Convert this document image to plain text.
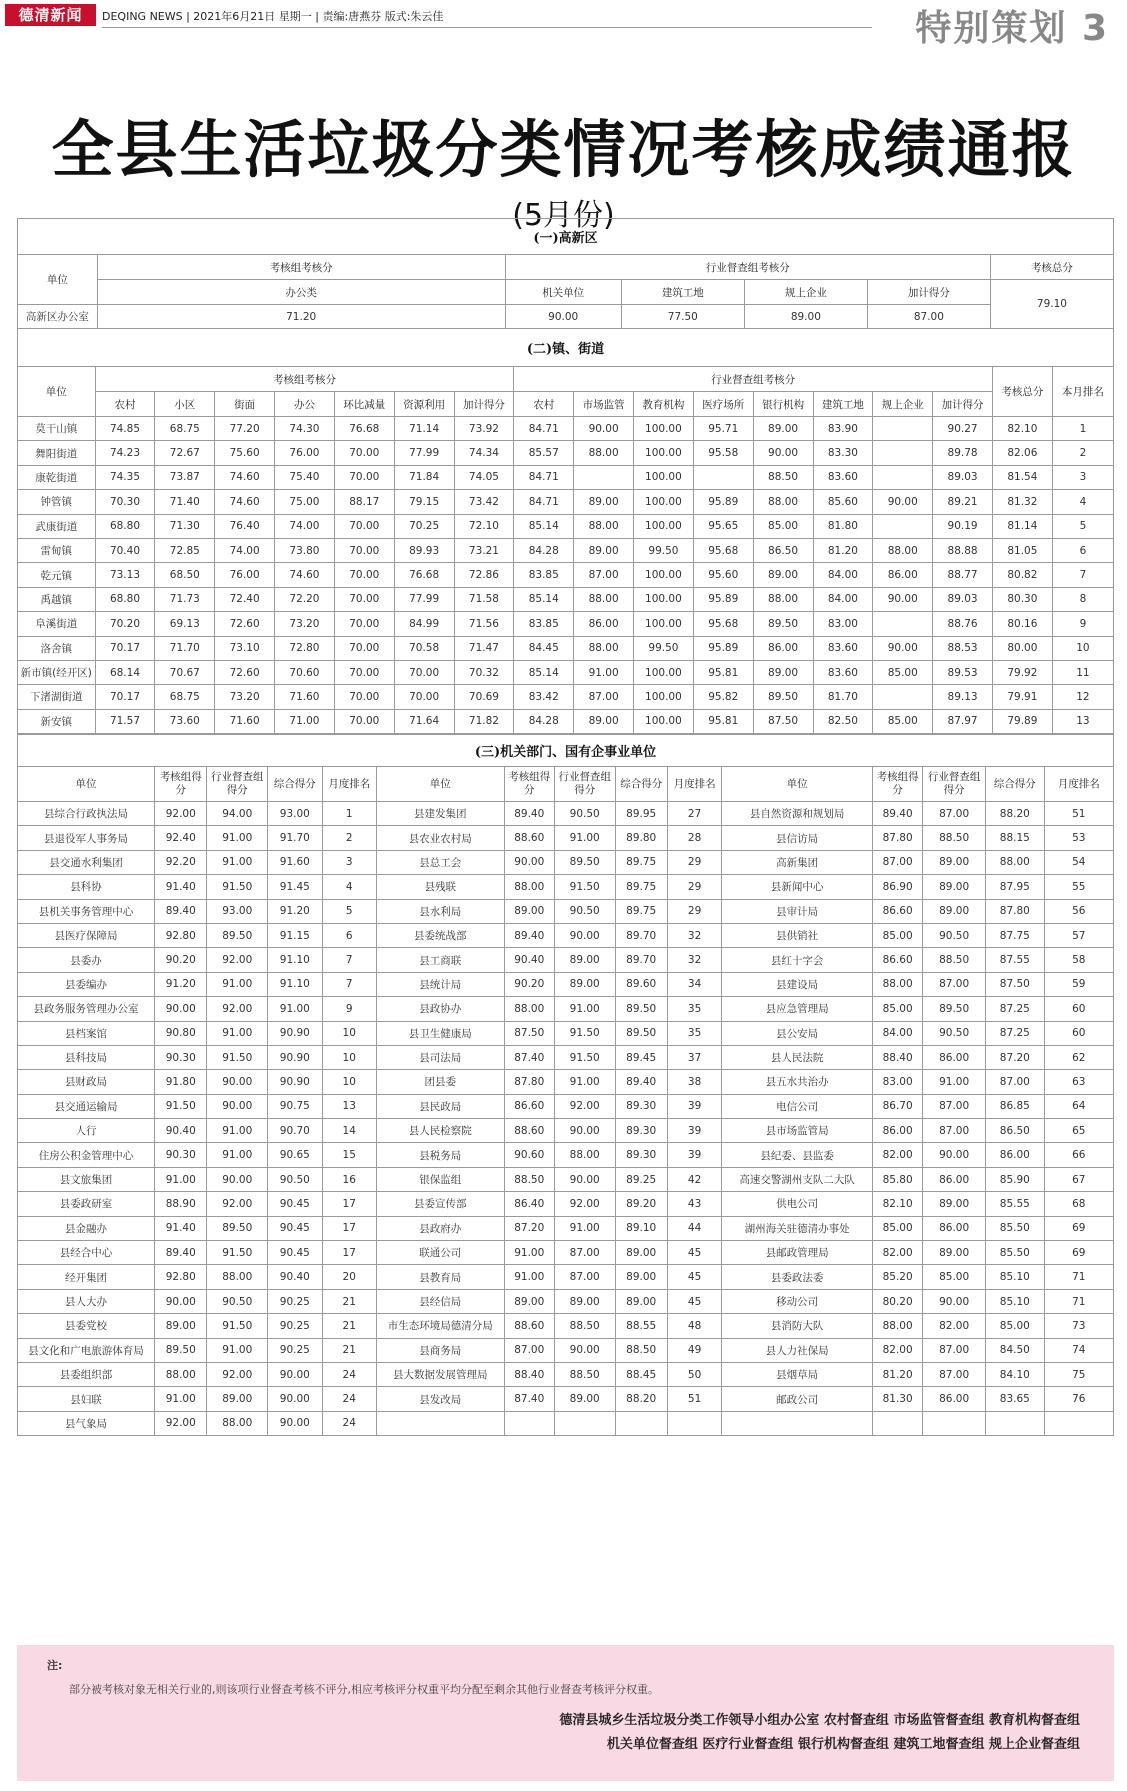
德清新闻	DEQING NEWS | 2021年6月21日 星期一 | 责编:唐燕芬 版式:朱云佳	特别策划 3
全县生活垃圾分类情况考核成绩通报
(5月份)
(一)高新区						
单位	考核组考核分	行业督查组考核分				考核总分
	办公类	机关单位	建筑工地	规上企业	加计得分	79.10
高新区办公室	71.20	90.00	77.50	89.00	87.00	
(二)镇、街道																	
单位	考核组考核分							行业督查组考核分								考核总分	本月排名
	农村	小区	街面	办公	环比减量	资源利用	加计得分	农村	市场监管	教育机构	医疗场所	银行机构	建筑工地	规上企业	加计得分		
莫干山镇	74.85	68.75	77.20	74.30	76.68	71.14	73.92	84.71	90.00	100.00	95.71	89.00	83.90		90.27	82.10	1
舞阳街道	74.23	72.67	75.60	76.00	70.00	77.99	74.34	85.57	88.00	100.00	95.58	90.00	83.30		89.78	82.06	2
康乾街道	74.35	73.87	74.60	75.40	70.00	71.84	74.05	84.71		100.00		88.50	83.60		89.03	81.54	3
钟管镇	70.30	71.40	74.60	75.00	88.17	79.15	73.42	84.71	89.00	100.00	95.89	88.00	85.60	90.00	89.21	81.32	4
武康街道	68.80	71.30	76.40	74.00	70.00	70.25	72.10	85.14	88.00	100.00	95.65	85.00	81.80		90.19	81.14	5
雷甸镇	70.40	72.85	74.00	73.80	70.00	89.93	73.21	84.28	89.00	99.50	95.68	86.50	81.20	88.00	88.88	81.05	6
乾元镇	73.13	68.50	76.00	74.60	70.00	76.68	72.86	83.85	87.00	100.00	95.60	89.00	84.00	86.00	88.77	80.82	7
禹越镇	68.80	71.73	72.40	72.20	70.00	77.99	71.58	85.14	88.00	100.00	95.89	88.00	84.00	90.00	89.03	80.30	8
阜溪街道	70.20	69.13	72.60	73.20	70.00	84.99	71.56	83.85	86.00	100.00	95.68	89.50	83.00		88.76	80.16	9
洛舍镇	70.17	71.70	73.10	72.80	70.00	70.58	71.47	84.45	88.00	99.50	95.89	86.00	83.60	90.00	88.53	80.00	10
新市镇(经开区)	68.14	70.67	72.60	70.60	70.00	70.00	70.32	85.14	91.00	100.00	95.81	89.00	83.60	85.00	89.53	79.92	11
下渚湖街道	70.17	68.75	73.20	71.60	70.00	70.00	70.69	83.42	87.00	100.00	95.82	89.50	81.70		89.13	79.91	12
新安镇	71.57	73.60	71.60	71.00	70.00	71.64	71.82	84.28	89.00	100.00	95.81	87.50	82.50	85.00	87.97	79.89	13
(三)机关部门、国有企事业单位														
单位	考核组得分	行业督查组得分	综合得分	月度排名	单位	考核组得分	行业督查组得分	综合得分	月度排名	单位	考核组得分	行业督查组得分	综合得分	月度排名
县综合行政执法局	92.00	94.00	93.00	1	县建发集团	89.40	90.50	89.95	27	县自然资源和规划局	89.40	87.00	88.20	51
县退役军人事务局	92.40	91.00	91.70	2	县农业农村局	88.60	91.00	89.80	28	县信访局	87.80	88.50	88.15	53
县交通水利集团	92.20	91.00	91.60	3	县总工会	90.00	89.50	89.75	29	高新集团	87.00	89.00	88.00	54
县科协	91.40	91.50	91.45	4	县残联	88.00	91.50	89.75	29	县新闻中心	86.90	89.00	87.95	55
县机关事务管理中心	89.40	93.00	91.20	5	县水利局	89.00	90.50	89.75	29	县审计局	86.60	89.00	87.80	56
县医疗保障局	92.80	89.50	91.15	6	县委统战部	89.40	90.00	89.70	32	县供销社	85.00	90.50	87.75	57
县委办	90.20	92.00	91.10	7	县工商联	90.40	89.00	89.70	32	县红十字会	86.60	88.50	87.55	58
县委编办	91.20	91.00	91.10	7	县统计局	90.20	89.00	89.60	34	县建设局	88.00	87.00	87.50	59
县政务服务管理办公室	90.00	92.00	91.00	9	县政协办	88.00	91.00	89.50	35	县应急管理局	85.00	89.50	87.25	60
县档案馆	90.80	91.00	90.90	10	县卫生健康局	87.50	91.50	89.50	35	县公安局	84.00	90.50	87.25	60
县科技局	90.30	91.50	90.90	10	县司法局	87.40	91.50	89.45	37	县人民法院	88.40	86.00	87.20	62
县财政局	91.80	90.00	90.90	10	团县委	87.80	91.00	89.40	38	县五水共治办	83.00	91.00	87.00	63
县交通运输局	91.50	90.00	90.75	13	县民政局	86.60	92.00	89.30	39	电信公司	86.70	87.00	86.85	64
人行	90.40	91.00	90.70	14	县人民检察院	88.60	90.00	89.30	39	县市场监管局	86.00	87.00	86.50	65
住房公积金管理中心	90.30	91.00	90.65	15	县税务局	90.60	88.00	89.30	39	县纪委、县监委	82.00	90.00	86.00	66
县文旅集团	91.00	90.00	90.50	16	银保监组	88.50	90.00	89.25	42	高速交警湖州支队二大队	85.80	86.00	85.90	67
县委政研室	88.90	92.00	90.45	17	县委宣传部	86.40	92.00	89.20	43	供电公司	82.10	89.00	85.55	68
县金融办	91.40	89.50	90.45	17	县政府办	87.20	91.00	89.10	44	湖州海关驻德清办事处	85.00	86.00	85.50	69
县经合中心	89.40	91.50	90.45	17	联通公司	91.00	87.00	89.00	45	县邮政管理局	82.00	89.00	85.50	69
经开集团	92.80	88.00	90.40	20	县教育局	91.00	87.00	89.00	45	县委政法委	85.20	85.00	85.10	71
县人大办	90.00	90.50	90.25	21	县经信局	89.00	89.00	89.00	45	移动公司	80.20	90.00	85.10	71
县委党校	89.00	91.50	90.25	21	市生态环境局德清分局	88.60	88.50	88.55	48	县消防大队	88.00	82.00	85.00	73
县文化和广电旅游体育局	89.50	91.00	90.25	21	县商务局	87.00	90.00	88.50	49	县人力社保局	82.00	87.00	84.50	74
县委组织部	88.00	92.00	90.00	24	县大数据发展管理局	88.40	88.50	88.45	50	县烟草局	81.20	87.00	84.10	75
县妇联	91.00	89.00	90.00	24	县发改局	87.40	89.00	88.20	51	邮政公司	81.30	86.00	83.65	76
县气象局	92.00	88.00	90.00	24										
注:
部分被考核对象无相关行业的,则该项行业督查考核不评分,相应考核评分权重平均分配至剩余其他行业督查考核评分权重。
德清县城乡生活垃圾分类工作领导小组办公室 农村督查组 市场监管督查组 教育机构督查组
机关单位督查组 医疗行业督查组 银行机构督查组 建筑工地督查组 规上企业督查组
